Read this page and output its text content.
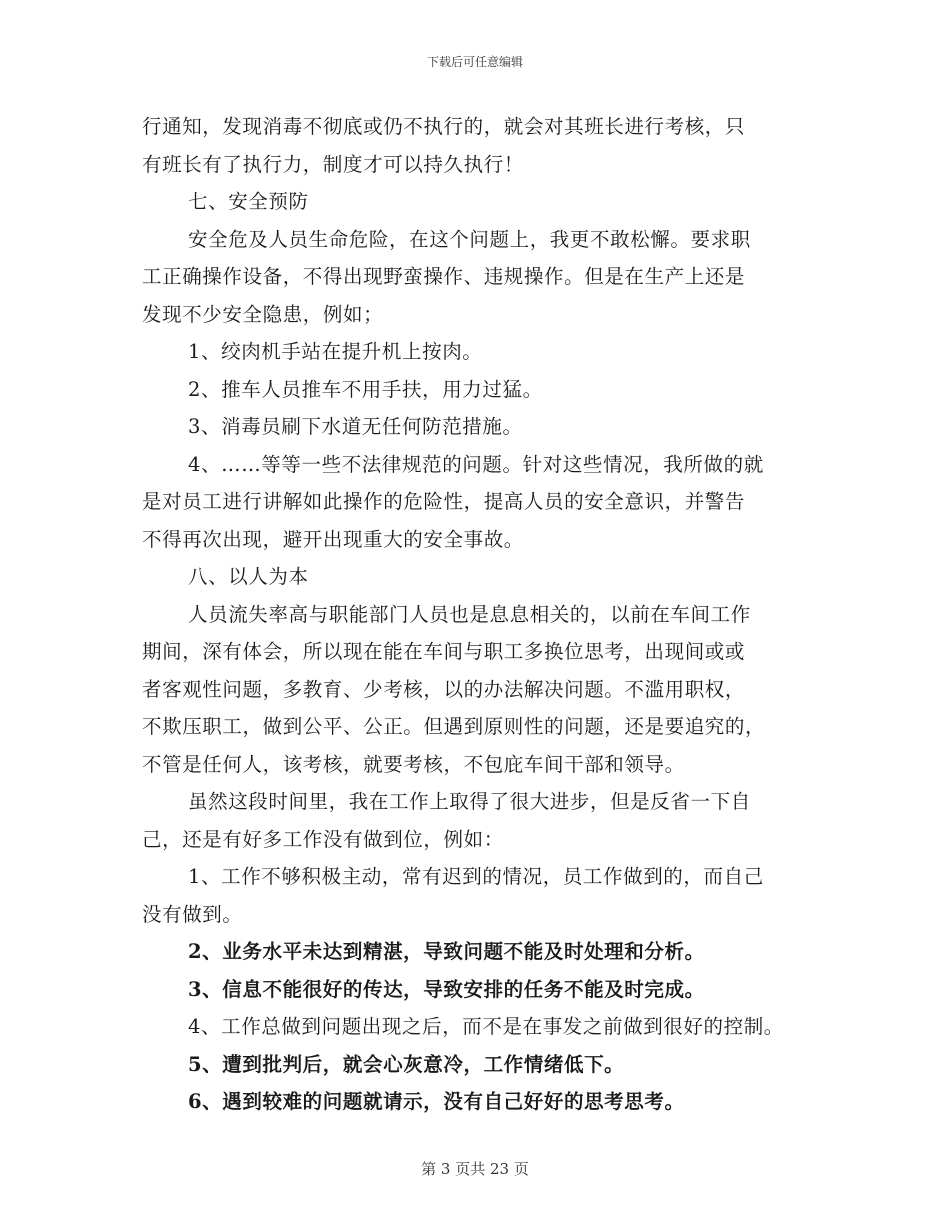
下载后可任意编辑
行通知，发现消毒不彻底或仍不执行的，就会对其班长进行考核，只
有班长有了执行力，制度才可以持久执行！
七、安全预防
安全危及人员生命危险，在这个问题上，我更不敢松懈。要求职
工正确操作设备，不得出现野蛮操作、违规操作。但是在生产上还是
发现不少安全隐患，例如；
1、绞肉机手站在提升机上按肉。
2、推车人员推车不用手扶，用力过猛。
3、消毒员刷下水道无任何防范措施。
4、……等等一些不法律规范的问题。针对这些情况，我所做的就
是对员工进行讲解如此操作的危险性，提高人员的安全意识，并警告
不得再次出现，避开出现重大的安全事故。
八、以人为本
人员流失率高与职能部门人员也是息息相关的，以前在车间工作
期间，深有体会，所以现在能在车间与职工多换位思考，出现间或或
者客观性问题，多教育、少考核，以的办法解决问题。不滥用职权，
不欺压职工，做到公平、公正。但遇到原则性的问题，还是要追究的，
不管是任何人，该考核，就要考核，不包庇车间干部和领导。
虽然这段时间里，我在工作上取得了很大进步，但是反省一下自
己，还是有好多工作没有做到位，例如：
1、工作不够积极主动，常有迟到的情况，员工作做到的，而自己
没有做到。
2、业务水平未达到精湛，导致问题不能及时处理和分析。
3、信息不能很好的传达，导致安排的任务不能及时完成。
4、工作总做到问题出现之后，而不是在事发之前做到很好的控制。
5、遭到批判后，就会心灰意冷，工作情绪低下。
6、遇到较难的问题就请示，没有自己好好的思考思考。
第 3 页共 23 页
